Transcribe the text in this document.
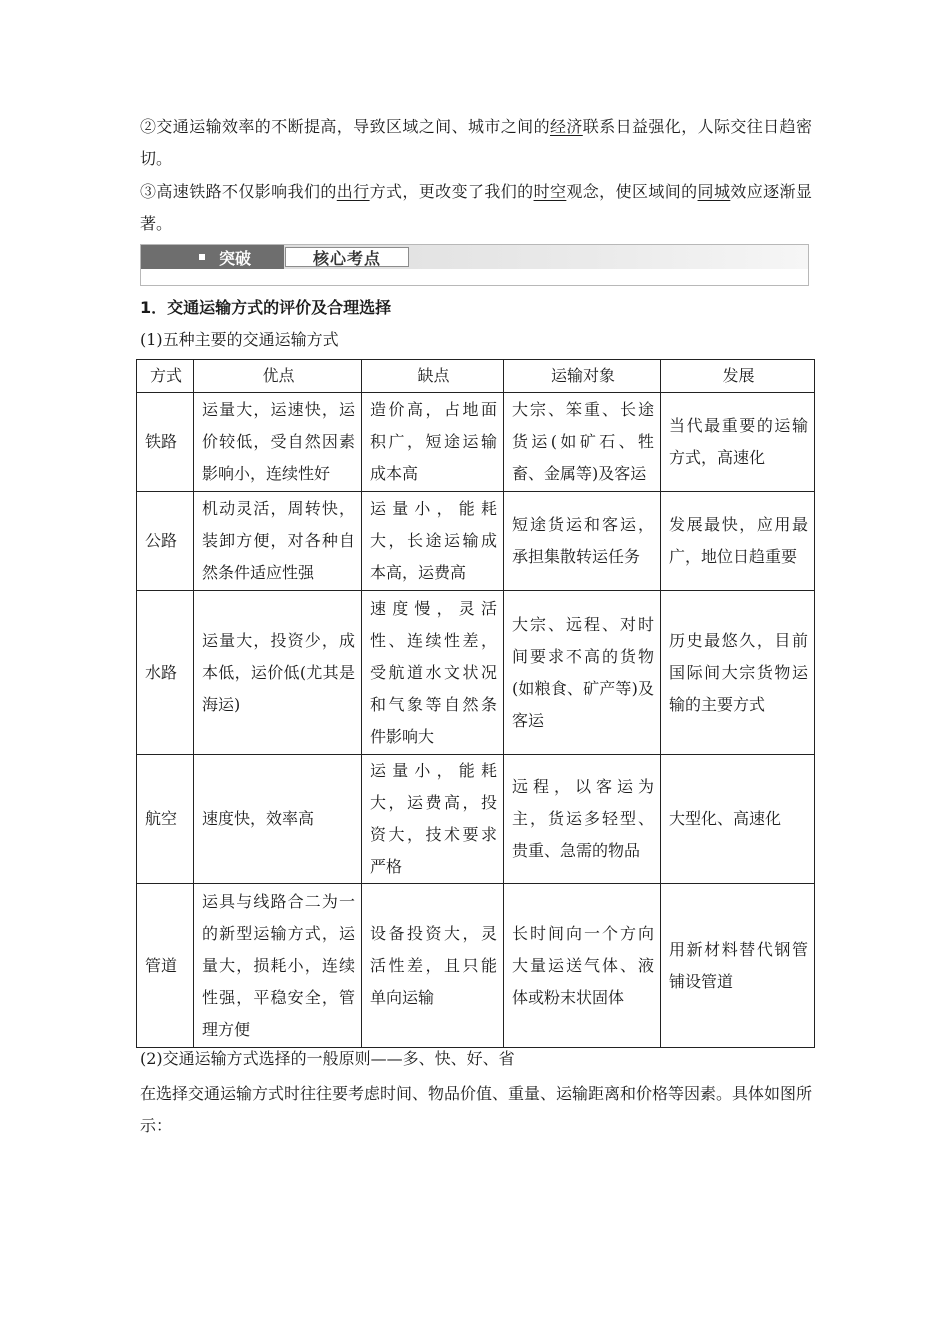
②交通运输效率的不断提高，导致区域之间、城市之间的经济联系日益强化，人际交往日趋密切。
③高速铁路不仅影响我们的出行方式，更改变了我们的时空观念，使区域间的同城效应逐渐显著。
突破	核心考点
1．交通运输方式的评价及合理选择
(1)五种主要的交通运输方式
方式	优点	缺点	运输对象	发展
铁路	运量大，运速快，运价较低，受自然因素影响小，连续性好	造价高，占地面积广，短途运输成本高	大宗、笨重、长途货运(如矿石、牲畜、金属等)及客运	当代最重要的运输方式，高速化
公路	机动灵活，周转快，装卸方便，对各种自然条件适应性强	运量小，能耗大，长途运输成本高，运费高	短途货运和客运，承担集散转运任务	发展最快，应用最广，地位日趋重要
水路	运量大，投资少，成本低，运价低(尤其是海运)	速度慢，灵活性、连续性差，受航道水文状况和气象等自然条件影响大	大宗、远程、对时间要求不高的货物(如粮食、矿产等)及客运	历史最悠久，目前国际间大宗货物运输的主要方式
航空	速度快，效率高	运量小，能耗大，运费高，投资大，技术要求严格	远程，以客运为主，货运多轻型、贵重、急需的物品	大型化、高速化
管道	运具与线路合二为一的新型运输方式，运量大，损耗小，连续性强，平稳安全，管理方便	设备投资大，灵活性差，且只能单向运输	长时间向一个方向大量运送气体、液体或粉末状固体	用新材料替代钢管铺设管道
(2)交通运输方式选择的一般原则——多、快、好、省
在选择交通运输方式时往往要考虑时间、物品价值、重量、运输距离和价格等因素。具体如图所示：
